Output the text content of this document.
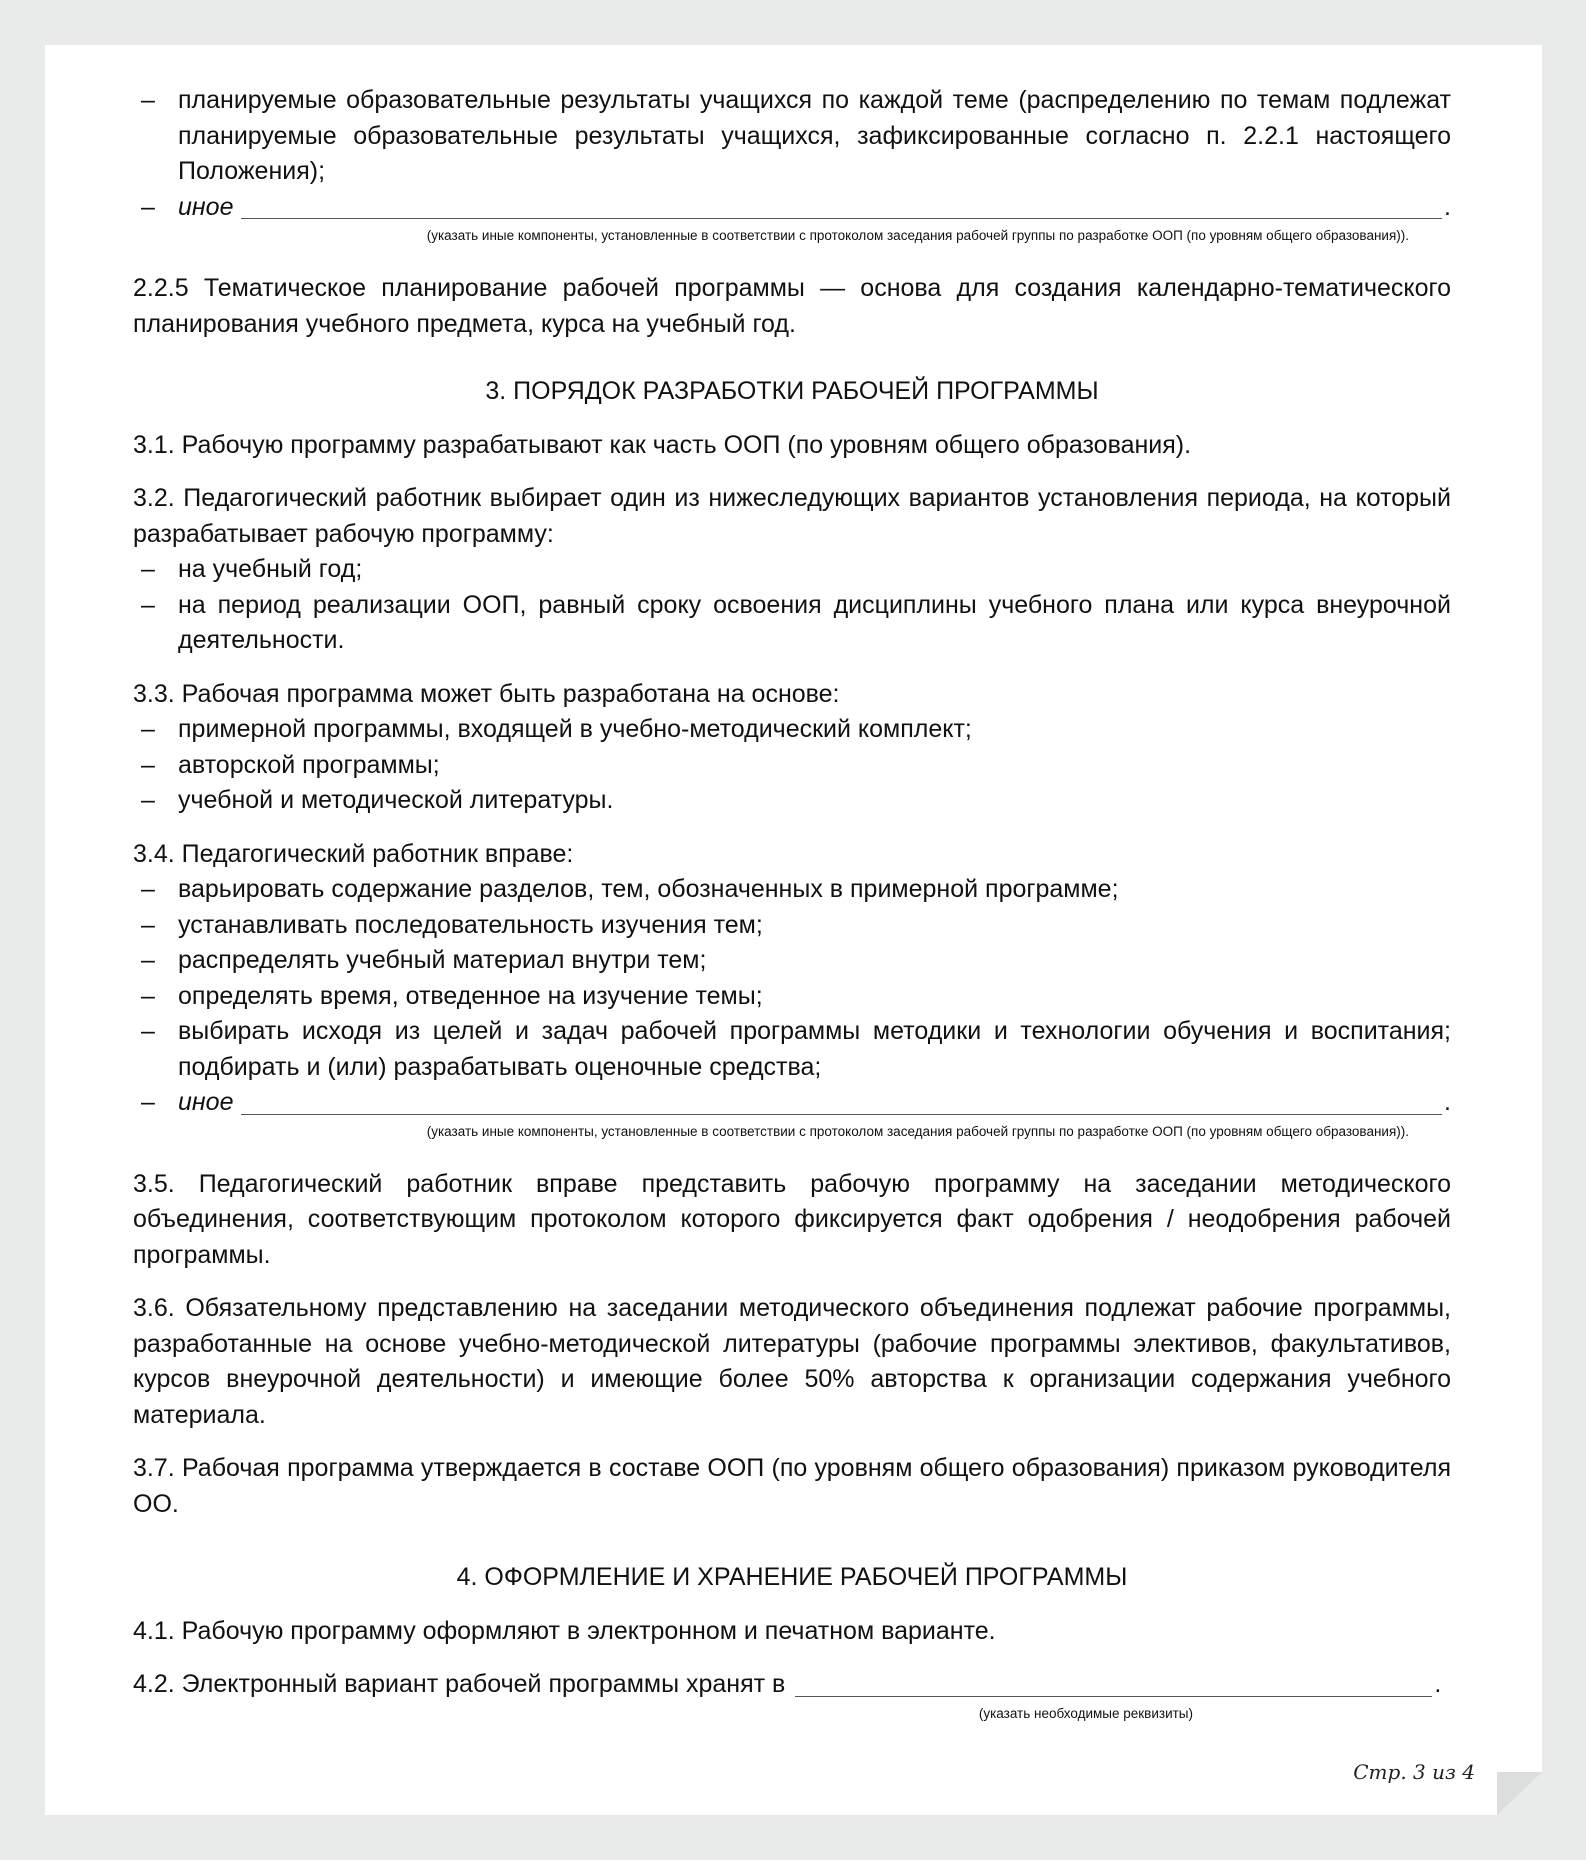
– планируемые образовательные результаты учащихся по каждой теме (распределению по темам подлежат планируемые образовательные результаты учащихся, зафиксированные согласно п. 2.2.1 настоящего Положения);
– иное	.
(указать иные компоненты, установленные в соответствии с протоколом заседания рабочей группы по разработке ООП (по уровням общего образования)).

2.2.5 Тематическое планирование рабочей программы — основа для создания календарно-тематического планирования учебного предмета, курса на учебный год.

3. ПОРЯДОК РАЗРАБОТКИ РАБОЧЕЙ ПРОГРАММЫ

3.1. Рабочую программу разрабатывают как часть ООП (по уровням общего образования).

3.2. Педагогический работник выбирает один из нижеследующих вариантов установления периода, на который разрабатывает рабочую программу:

– на учебный год;
– на период реализации ООП, равный сроку освоения дисциплины учебного плана или курса внеурочной деятельности.

3.3. Рабочая программа может быть разработана на основе:

– примерной программы, входящей в учебно-методический комплект;
– авторской программы;
– учебной и методической литературы.

3.4. Педагогический работник вправе:

– варьировать содержание разделов, тем, обозначенных в примерной программе;
– устанавливать последовательность изучения тем;
– распределять учебный материал внутри тем;
– определять время, отведенное на изучение темы;
– выбирать исходя из целей и задач рабочей программы методики и технологии обучения и воспитания; подбирать и (или) разрабатывать оценочные средства;
– иное	.
(указать иные компоненты, установленные в соответствии с протоколом заседания рабочей группы по разработке ООП (по уровням общего образования)).

3.5. Педагогический работник вправе представить рабочую программу на заседании методического объединения, соответствующим протоколом которого фиксируется факт одобрения / неодобрения рабочей программы.

3.6. Обязательному представлению на заседании методического объединения подлежат рабочие программы, разработанные на основе учебно-методической литературы (рабочие программы элективов, факультативов, курсов внеурочной деятельности) и имеющие более 50% авторства к организации содержания учебного материала.

3.7. Рабочая программа утверждается в составе ООП (по уровням общего образования) приказом руководителя ОО.

4. ОФОРМЛЕНИЕ И ХРАНЕНИЕ РАБОЧЕЙ ПРОГРАММЫ

4.1. Рабочую программу оформляют в электронном и печатном варианте.

4.2. Электронный вариант рабочей программы хранят в	.
(указать необходимые реквизиты)
Стр. 3 из 4
